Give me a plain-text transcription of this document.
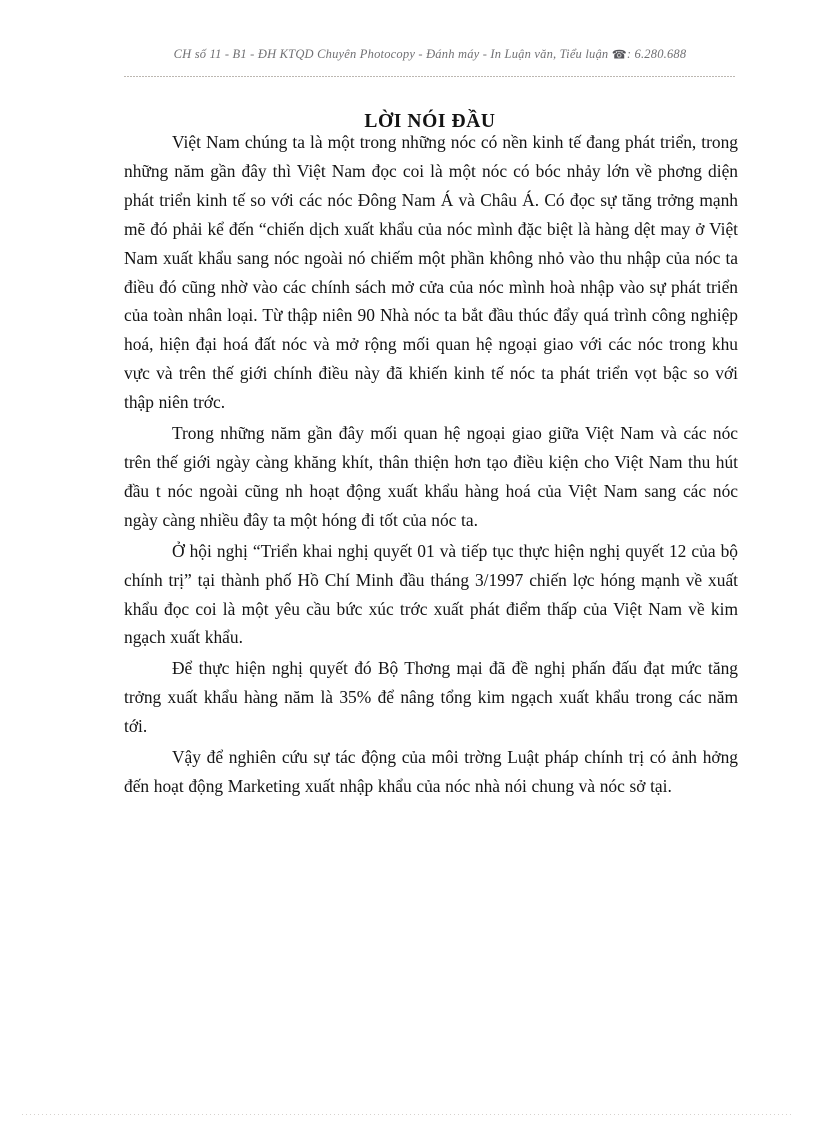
CH số 11 - B1 - ĐH KTQD Chuyên Photocopy - Đánh máy - In Luận văn, Tiểu luận ☎: 6.280.688
LỜI NÓI ĐẦU

Việt Nam chúng ta là một trong những nóc có nền kinh tế đang phát triển, trong những năm gần đây thì Việt Nam đọc coi là một nóc có bóc nhảy lớn về phơng diện phát triển kinh tế so với các nóc Đông Nam Á và Châu Á. Có đọc sự tăng trởng mạnh mẽ đó phải kể đến “chiến dịch xuất khẩu của nóc mình đặc biệt là hàng dệt may ở Việt Nam xuất khẩu sang nóc ngoài nó chiếm một phần không nhỏ vào thu nhập của nóc ta điều đó cũng nhờ vào các chính sách mở cửa của nóc mình hoà nhập vào sự phát triển của toàn nhân loại. Từ thập niên 90 Nhà nóc ta bắt đầu thúc đẩy quá trình công nghiệp hoá, hiện đại hoá đất nóc và mở rộng mối quan hệ ngoại giao với các nóc trong khu vực và trên thế giới chính điều này đã khiến kinh tế nóc ta phát triển vọt bậc so với thập niên trớc.

Trong những năm gần đây mối quan hệ ngoại giao giữa Việt Nam và các nóc trên thế giới ngày càng khăng khít, thân thiện hơn tạo điều kiện cho Việt Nam thu hút đầu t nóc ngoài cũng nh hoạt động xuất khẩu hàng hoá của Việt Nam sang các nóc ngày càng nhiều đây ta một hóng đi tốt của nóc ta.

Ở hội nghị “Triển khai nghị quyết 01 và tiếp tục thực hiện nghị quyết 12 của bộ chính trị” tại thành phố Hồ Chí Minh đầu tháng 3/1997 chiến lợc hóng mạnh về xuất khẩu đọc coi là một yêu cầu bức xúc trớc xuất phát điểm thấp của Việt Nam về kim ngạch xuất khẩu.

Để thực hiện nghị quyết đó Bộ Thơng mại đã đề nghị phấn đấu đạt mức tăng trởng xuất khẩu hàng năm là 35% để nâng tổng kim ngạch xuất khẩu trong các năm tới.

Vậy để nghiên cứu sự tác động của môi trờng Luật pháp chính trị có ảnh hởng đến hoạt động Marketing xuất nhập khẩu của nóc nhà nói chung và nóc sở tại.
